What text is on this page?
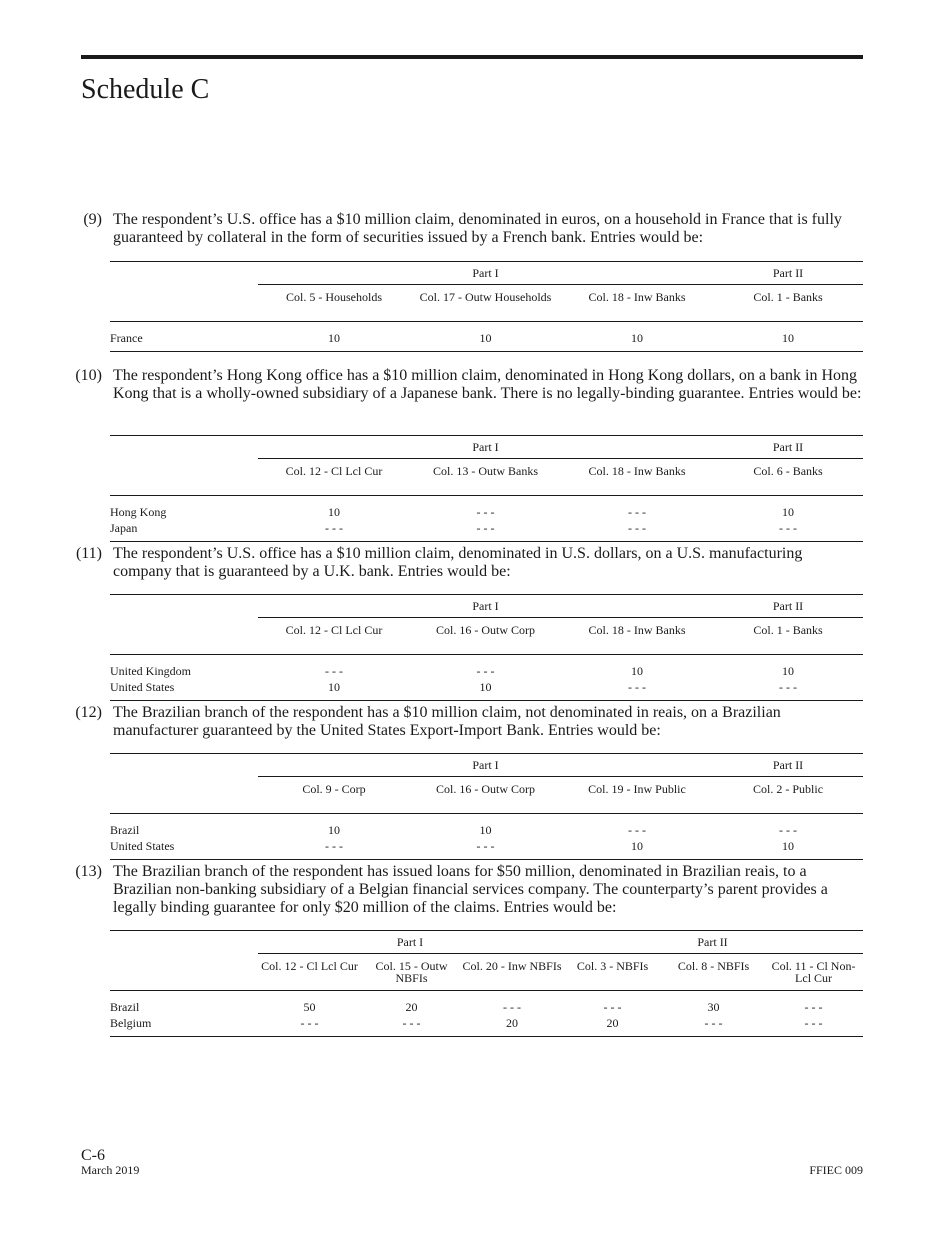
Schedule C
(9) The respondent’s U.S. office has a $10 million claim, denominated in euros, on a household in France that is fully guaranteed by collateral in the form of securities issued by a French bank. Entries would be:

	Part I			Part II
	Col. 5 - Households	Col. 17 - Outw Households	Col. 18 - Inw Banks	Col. 1 - Banks
France	10	10	10	10
(10) The respondent’s Hong Kong office has a $10 million claim, denominated in Hong Kong dollars, on a bank in Hong Kong that is a wholly-owned subsidiary of a Japanese bank. There is no legally-binding guarantee. Entries would be:

	Part I			Part II
	Col. 12 - Cl Lcl Cur	Col. 13 - Outw Banks	Col. 18 - Inw Banks	Col. 6 - Banks
Hong Kong	10	- - -	- - -	10
Japan	- - -	- - -	- - -	- - -
(11) The respondent’s U.S. office has a $10 million claim, denominated in U.S. dollars, on a U.S. manufacturing company that is guaranteed by a U.K. bank. Entries would be:

	Part I			Part II
	Col. 12 - Cl Lcl Cur	Col. 16 - Outw Corp	Col. 18 - Inw Banks	Col. 1 - Banks
United Kingdom	- - -	- - -	10	10
United States	10	10	- - -	- - -
(12) The Brazilian branch of the respondent has a $10 million claim, not denominated in reais, on a Brazilian manufacturer guaranteed by the United States Export-Import Bank. Entries would be:

	Part I			Part II
	Col. 9 - Corp	Col. 16 - Outw Corp	Col. 19 - Inw Public	Col. 2 - Public
Brazil	10	10	- - -	- - -
United States	- - -	- - -	10	10
(13) The Brazilian branch of the respondent has issued loans for $50 million, denominated in Brazilian reais, to a Brazilian non-banking subsidiary of a Belgian financial services company. The counterparty’s parent provides a legally binding guarantee for only $20 million of the claims. Entries would be:

	Part I			Part II		
	Col. 12 - Cl Lcl Cur	Col. 15 - Outw NBFIs	Col. 20 - Inw NBFIs	Col. 3 - NBFIs	Col. 8 - NBFIs	Col. 11 - Cl Non-Lcl Cur
Brazil	50	20	- - -	- - -	30	- - -
Belgium	- - -	- - -	20	20	- - -	- - -
C-6
March 2019	FFIEC 009
